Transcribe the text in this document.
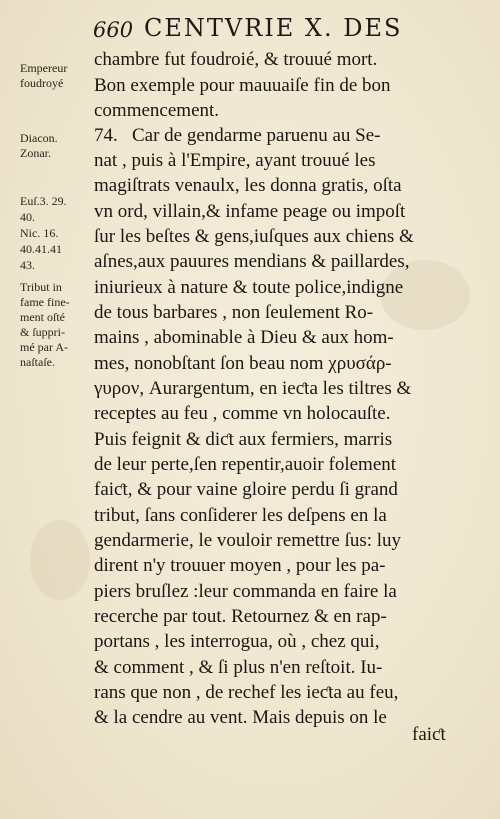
660 CENTVRIE X. DES
Empereur
foudroyé
Diacon.
Zonar.
Euſ.3. 29.
40.
Nic. 16.
40.41.41
43.
Tribut in
fame fine-
ment oſté
& ſuppri-
mé par A-
naſtaſe.
chambre fut foudroié, & trouué mort.
Bon exemple pour mauuaiſe fin de bon
commencement.
74.   Car de gendarme paruenu au Se-
nat , puis à l'Empire, ayant trouué les
magiſtrats venaulx, les donna gratis, oſta
vn ord, villain,& infame peage ou impoſt
ſur les beſtes & gens,iuſques aux chiens &
aſnes,aux pauures mendians & paillardes,
iniurieux à nature & toute police,indigne
de tous barbares , non ſeulement Ro-
mains , abominable à Dieu & aux hom-
mes, nonobſtant ſon beau nom χρυσάρ-
γυρον, Aurargentum, en ieƈta les tiltres &
receptes au feu , comme vn holocauſte.
Puis feignit & diƈt aux fermiers, marris
de leur perte,ſen repentir,auoir folement
faiƈt, & pour vaine gloire perdu ſi grand
tribut, ſans conſiderer les deſpens en la
gendarmerie, le vouloir remettre ſus: luy
dirent n'y trouuer moyen , pour les pa-
piers bruſlez :leur commanda en faire la
recerche par tout. Retournez & en rap-
portans , les interrogua, où , chez qui,
& comment , & ſi plus n'en reſtoit. Iu-
rans que non , de rechef les ieƈta au feu,
& la cendre au vent. Mais depuis on le
faiƈt
